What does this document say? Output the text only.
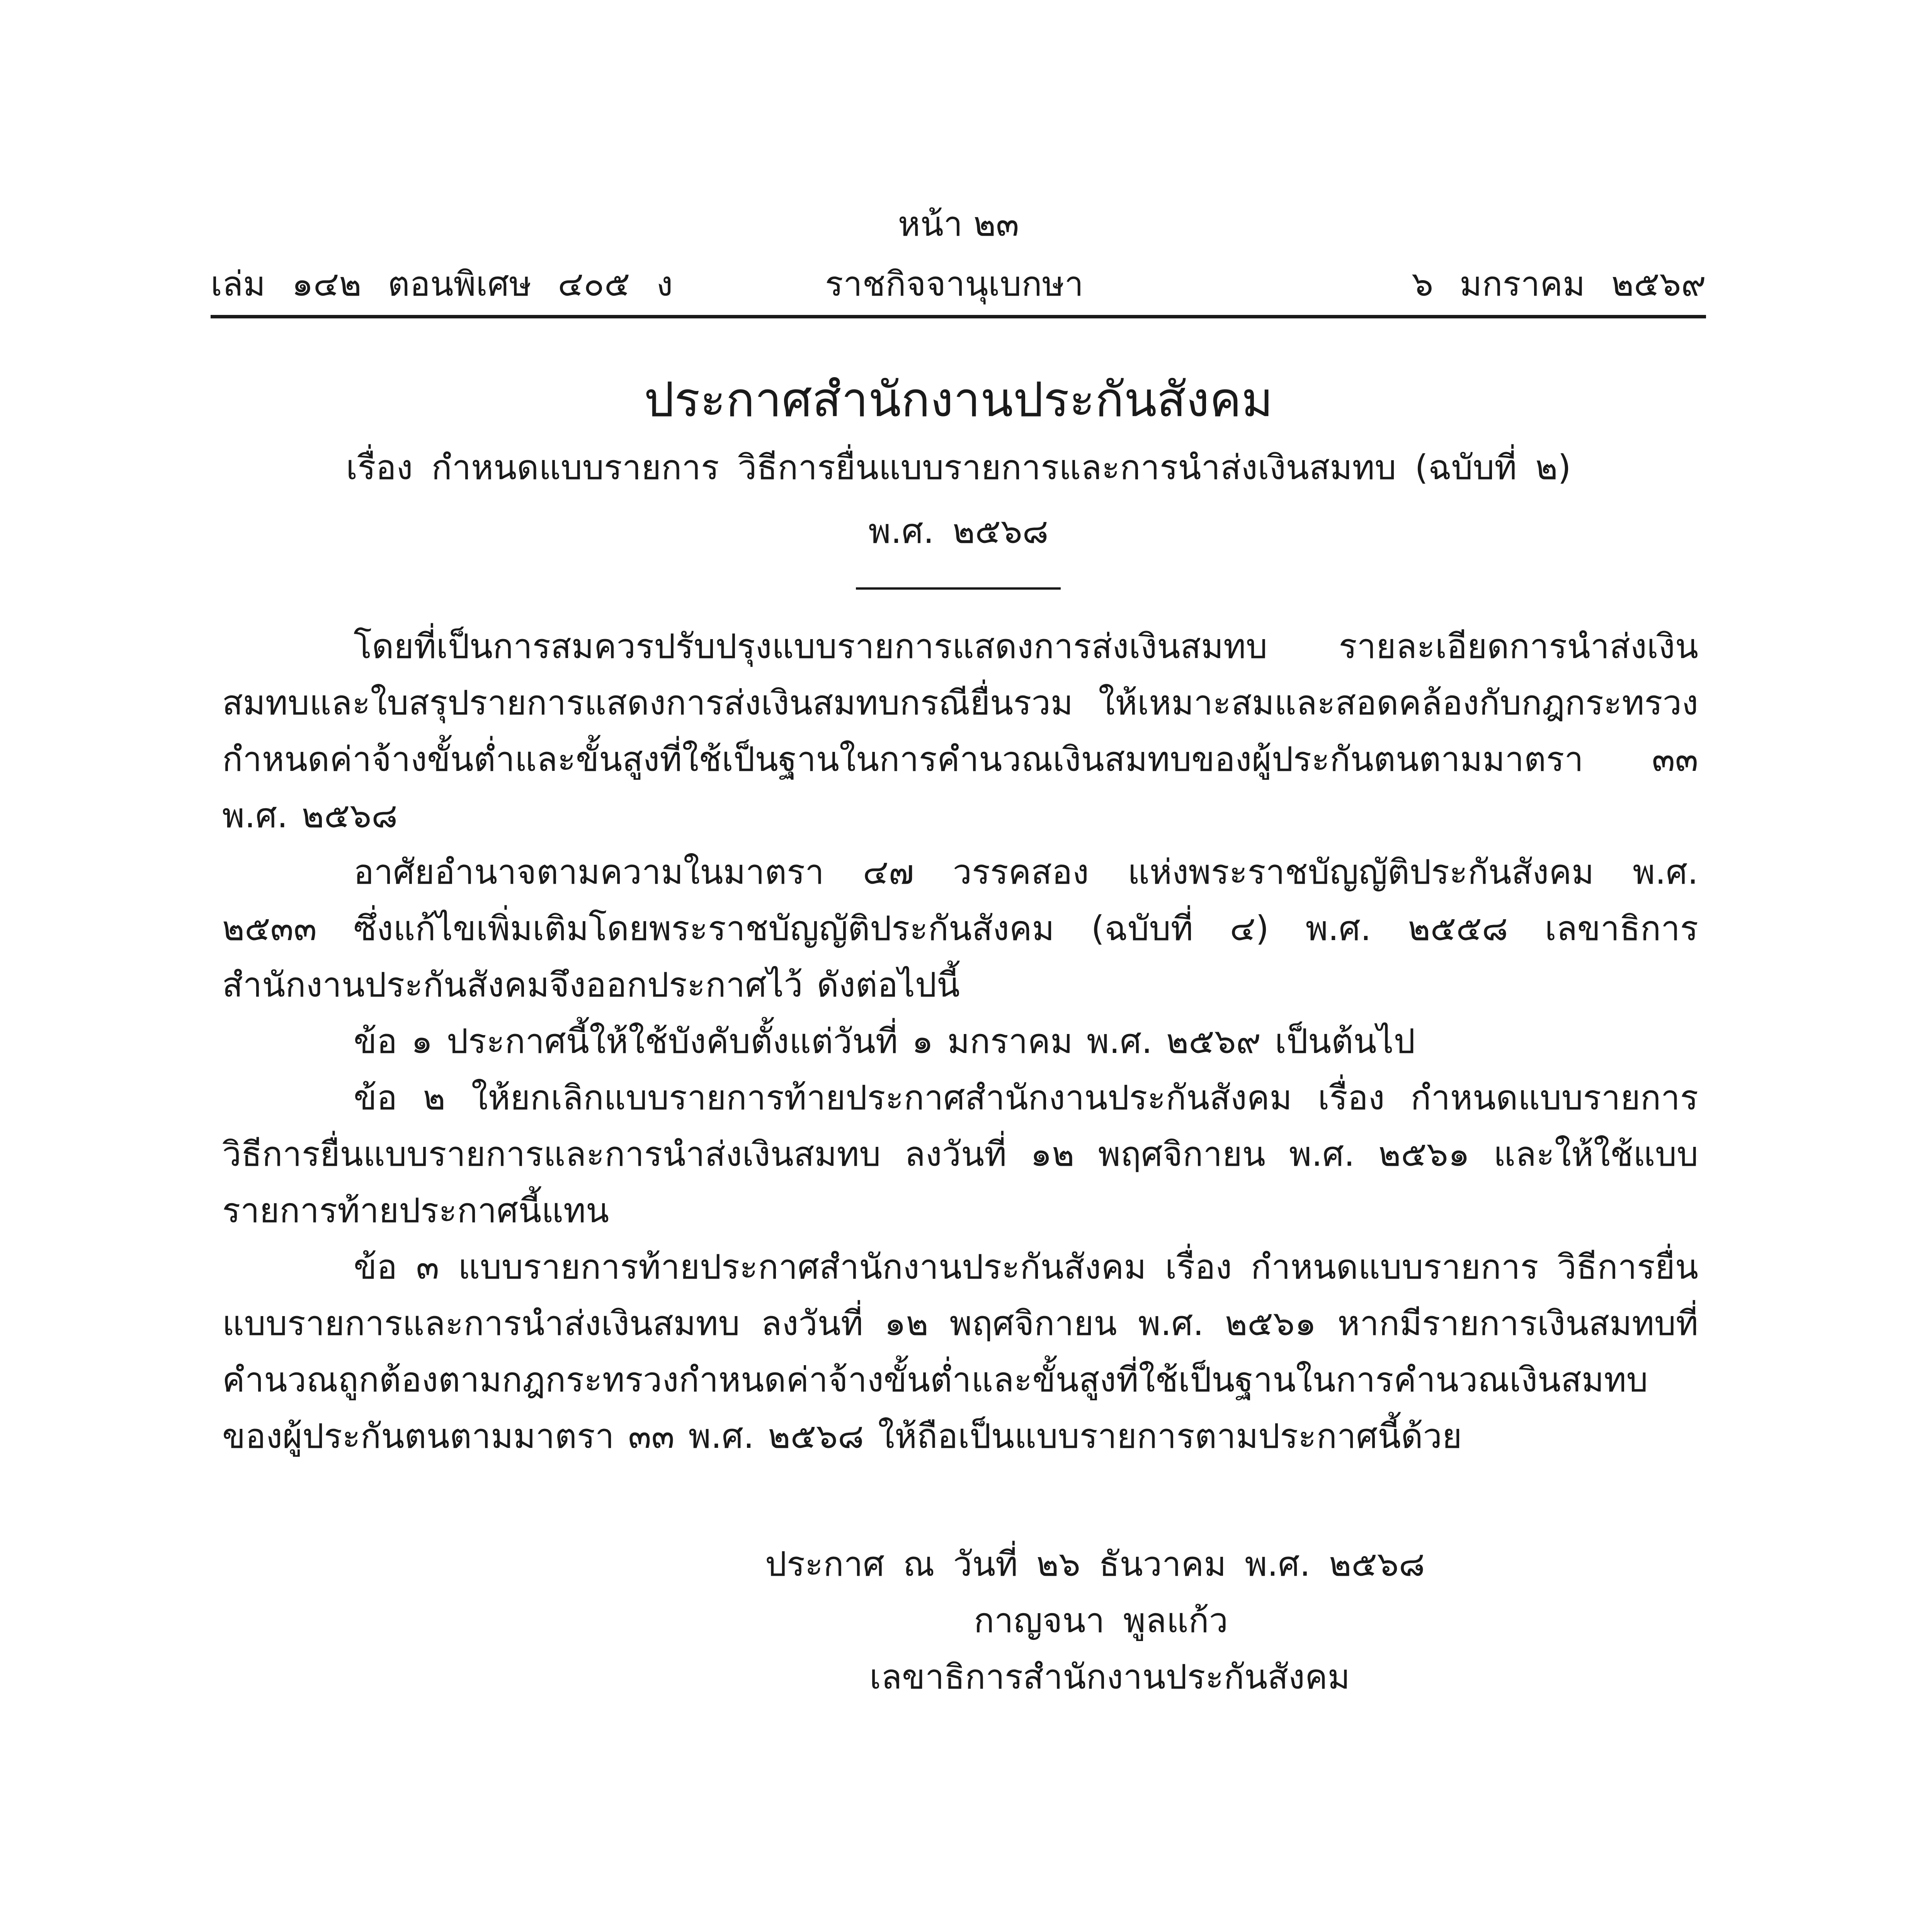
หน้า ๒๓
เล่ม ๑๔๒ ตอนพิเศษ ๔๐๕ ง	ราชกิจจานุเบกษา	๖ มกราคม ๒๕๖๙
ประกาศสำนักงานประกันสังคม
เรื่อง กำหนดแบบรายการ วิธีการยื่นแบบรายการและการนำส่งเงินสมทบ (ฉบับที่ ๒)
พ.ศ. ๒๕๖๘

โดยที่เป็นการสมควรปรับปรุงแบบรายการแสดงการส่งเงินสมทบ รายละเอียดการนำส่งเงินสมทบและใบสรุปรายการแสดงการส่งเงินสมทบกรณียื่นรวม ให้เหมาะสมและสอดคล้องกับกฎกระทรวงกำหนดค่าจ้างขั้นต่ำและขั้นสูงที่ใช้เป็นฐานในการคำนวณเงินสมทบของผู้ประกันตนตามมาตรา ๓๓ พ.ศ. ๒๕๖๘

อาศัยอำนาจตามความในมาตรา ๔๗ วรรคสอง แห่งพระราชบัญญัติประกันสังคม พ.ศ. ๒๕๓๓ ซึ่งแก้ไขเพิ่มเติมโดยพระราชบัญญัติประกันสังคม (ฉบับที่ ๔) พ.ศ. ๒๕๕๘ เลขาธิการสำนักงานประกันสังคมจึงออกประกาศไว้ ดังต่อไปนี้

ข้อ ๑ ประกาศนี้ให้ใช้บังคับตั้งแต่วันที่ ๑ มกราคม พ.ศ. ๒๕๖๙ เป็นต้นไป

ข้อ ๒ ให้ยกเลิกแบบรายการท้ายประกาศสำนักงานประกันสังคม เรื่อง กำหนดแบบรายการ วิธีการยื่นแบบรายการและการนำส่งเงินสมทบ ลงวันที่ ๑๒ พฤศจิกายน พ.ศ. ๒๕๖๑ และให้ใช้แบบรายการท้ายประกาศนี้แทน

ข้อ ๓ แบบรายการท้ายประกาศสำนักงานประกันสังคม เรื่อง กำหนดแบบรายการ วิธีการยื่นแบบรายการและการนำส่งเงินสมทบ ลงวันที่ ๑๒ พฤศจิกายน พ.ศ. ๒๕๖๑ หากมีรายการเงินสมทบที่คำนวณถูกต้องตามกฎกระทรวงกำหนดค่าจ้างขั้นต่ำและขั้นสูงที่ใช้เป็นฐานในการคำนวณเงินสมทบของผู้ประกันตนตามมาตรา ๓๓ พ.ศ. ๒๕๖๘ ให้ถือเป็นแบบรายการตามประกาศนี้ด้วย

ประกาศ ณ วันที่ ๒๖ ธันวาคม พ.ศ. ๒๕๖๘
กาญจนา พูลแก้ว
เลขาธิการสำนักงานประกันสังคม
